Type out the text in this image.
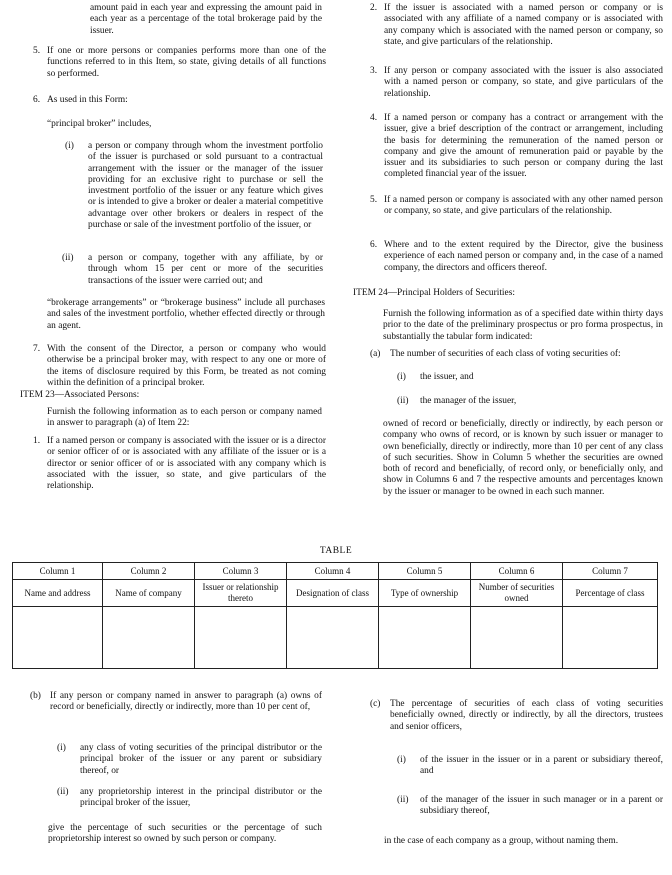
amount paid in each year and expressing the amount paid in each year as a percentage of the total brokerage paid by the issuer.

5. If one or more persons or companies performs more than one of the functions referred to in this Item, so state, giving details of all functions so performed.

6. As used in this Form:

“principal broker” includes,

(i) a person or company through whom the investment portfolio of the issuer is purchased or sold pursuant to a contractual arrangement with the issuer or the manager of the issuer providing for an exclusive right to purchase or sell the investment portfolio of the issuer or any feature which gives or is intended to give a broker or dealer a material competitive advantage over other brokers or dealers in respect of the purchase or sale of the investment portfolio of the issuer, or

(ii) a person or company, together with any affiliate, by or through whom 15 per cent or more of the securities transactions of the issuer were carried out; and

“brokerage arrangements” or “brokerage business” include all purchases and sales of the investment portfolio, whether effected directly or through an agent.

7. With the consent of the Director, a person or company who would otherwise be a principal broker may, with respect to any one or more of the items of disclosure required by this Form, be treated as not coming within the definition of a principal broker.

ITEM 23—Associated Persons:

Furnish the following information as to each person or company named in answer to paragraph (a) of Item 22:

1. If a named person or company is associated with the issuer or is a director or senior officer of or is associated with any affiliate of the issuer or is a director or senior officer of or is associated with any company which is associated with the issuer, so state, and give particulars of the relationship.

2. If the issuer is associated with a named person or company or is associated with any affiliate of a named company or is associated with any company which is associated with the named person or company, so state, and give particulars of the relationship.

3. If any person or company associated with the issuer is also associated with a named person or company, so state, and give particulars of the relationship.

4. If a named person or company has a contract or arrangement with the issuer, give a brief description of the contract or arrangement, including the basis for determining the remuneration of the named person or company and give the amount of remuneration paid or payable by the issuer and its subsidiaries to such person or company during the last completed financial year of the issuer.

5. If a named person or company is associated with any other named person or company, so state, and give particulars of the relationship.

6. Where and to the extent required by the Director, give the business experience of each named person or company and, in the case of a named company, the directors and officers thereof.

ITEM 24—Principal Holders of Securities:

Furnish the following information as of a specified date within thirty days prior to the date of the preliminary prospectus or pro forma prospectus, in substantially the tabular form indicated:

(a) The number of securities of each class of voting securities of:

(i) the issuer, and

(ii) the manager of the issuer,

owned of record or beneficially, directly or indirectly, by each person or company who owns of record, or is known by such issuer or manager to own beneficially, directly or indirectly, more than 10 per cent of any class of such securities. Show in Column 5 whether the securities are owned both of record and beneficially, of record only, or beneficially only, and show in Columns 6 and 7 the respective amounts and percentages known by the issuer or manager to be owned in each such manner.

TABLE
Column 1	Column 2	Column 3	Column 4	Column 5	Column 6	Column 7
Name and address	Name of company	Issuer or relationship thereto	Designation of class	Type of ownership	Number of securities owned	Percentage of class

(b) If any person or company named in answer to paragraph (a) owns of record or beneficially, directly or indirectly, more than 10 per cent of,

(i) any class of voting securities of the principal distributor or the principal broker of the issuer or any parent or subsidiary thereof, or

(ii) any proprietorship interest in the principal distributor or the principal broker of the issuer,

give the percentage of such securities or the percentage of such proprietorship interest so owned by such person or company.

(c) The percentage of securities of each class of voting securities beneficially owned, directly or indirectly, by all the directors, trustees and senior officers,

(i) of the issuer in the issuer or in a parent or subsidiary thereof, and

(ii) of the manager of the issuer in such manager or in a parent or subsidiary thereof,

in the case of each company as a group, without naming them.
